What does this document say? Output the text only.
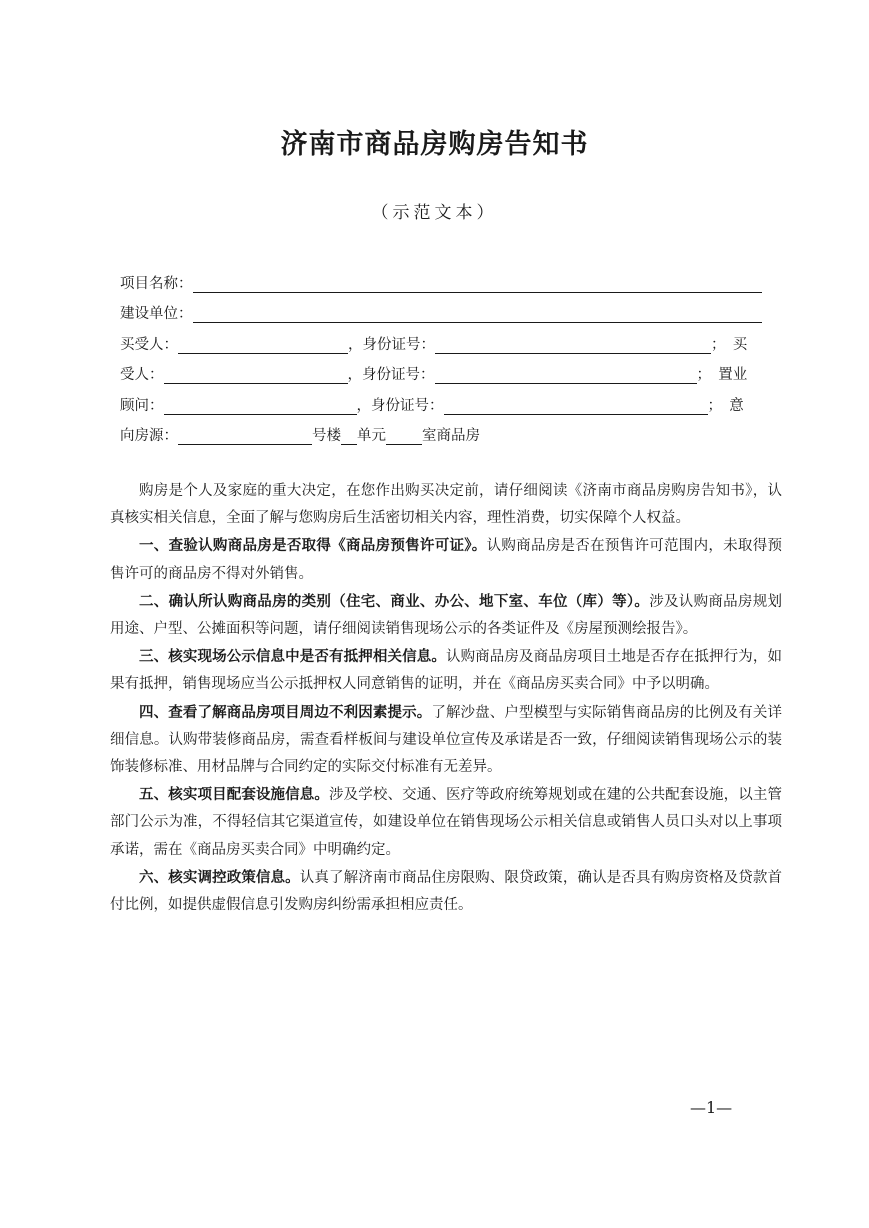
济南市商品房购房告知书
（示范文本）
项目名称：
建设单位：
买受人：	，身份证号：	；　买
受人：	，身份证号：	；　置业
顾问：	，身份证号：	；　意
向房源：	号楼 单元 室商品房

购房是个人及家庭的重大决定，在您作出购买决定前，请仔细阅读《济南市商品房购房告知书》，认真核实相关信息，全面了解与您购房后生活密切相关内容，理性消费，切实保障个人权益。

一、查验认购商品房是否取得《商品房预售许可证》。认购商品房是否在预售许可范围内，未取得预售许可的商品房不得对外销售。

二、确认所认购商品房的类别（住宅、商业、办公、地下室、车位（库）等）。涉及认购商品房规划用途、户型、公摊面积等问题，请仔细阅读销售现场公示的各类证件及《房屋预测绘报告》。

三、核实现场公示信息中是否有抵押相关信息。认购商品房及商品房项目土地是否存在抵押行为，如果有抵押，销售现场应当公示抵押权人同意销售的证明，并在《商品房买卖合同》中予以明确。

四、查看了解商品房项目周边不利因素提示。了解沙盘、户型模型与实际销售商品房的比例及有关详细信息。认购带装修商品房，需查看样板间与建设单位宣传及承诺是否一致，仔细阅读销售现场公示的装饰装修标准、用材品牌与合同约定的实际交付标准有无差异。

五、核实项目配套设施信息。涉及学校、交通、医疗等政府统筹规划或在建的公共配套设施，以主管部门公示为准，不得轻信其它渠道宣传，如建设单位在销售现场公示相关信息或销售人员口头对以上事项承诺，需在《商品房买卖合同》中明确约定。

六、核实调控政策信息。认真了解济南市商品住房限购、限贷政策，确认是否具有购房资格及贷款首付比例，如提供虚假信息引发购房纠纷需承担相应责任。

—1—
